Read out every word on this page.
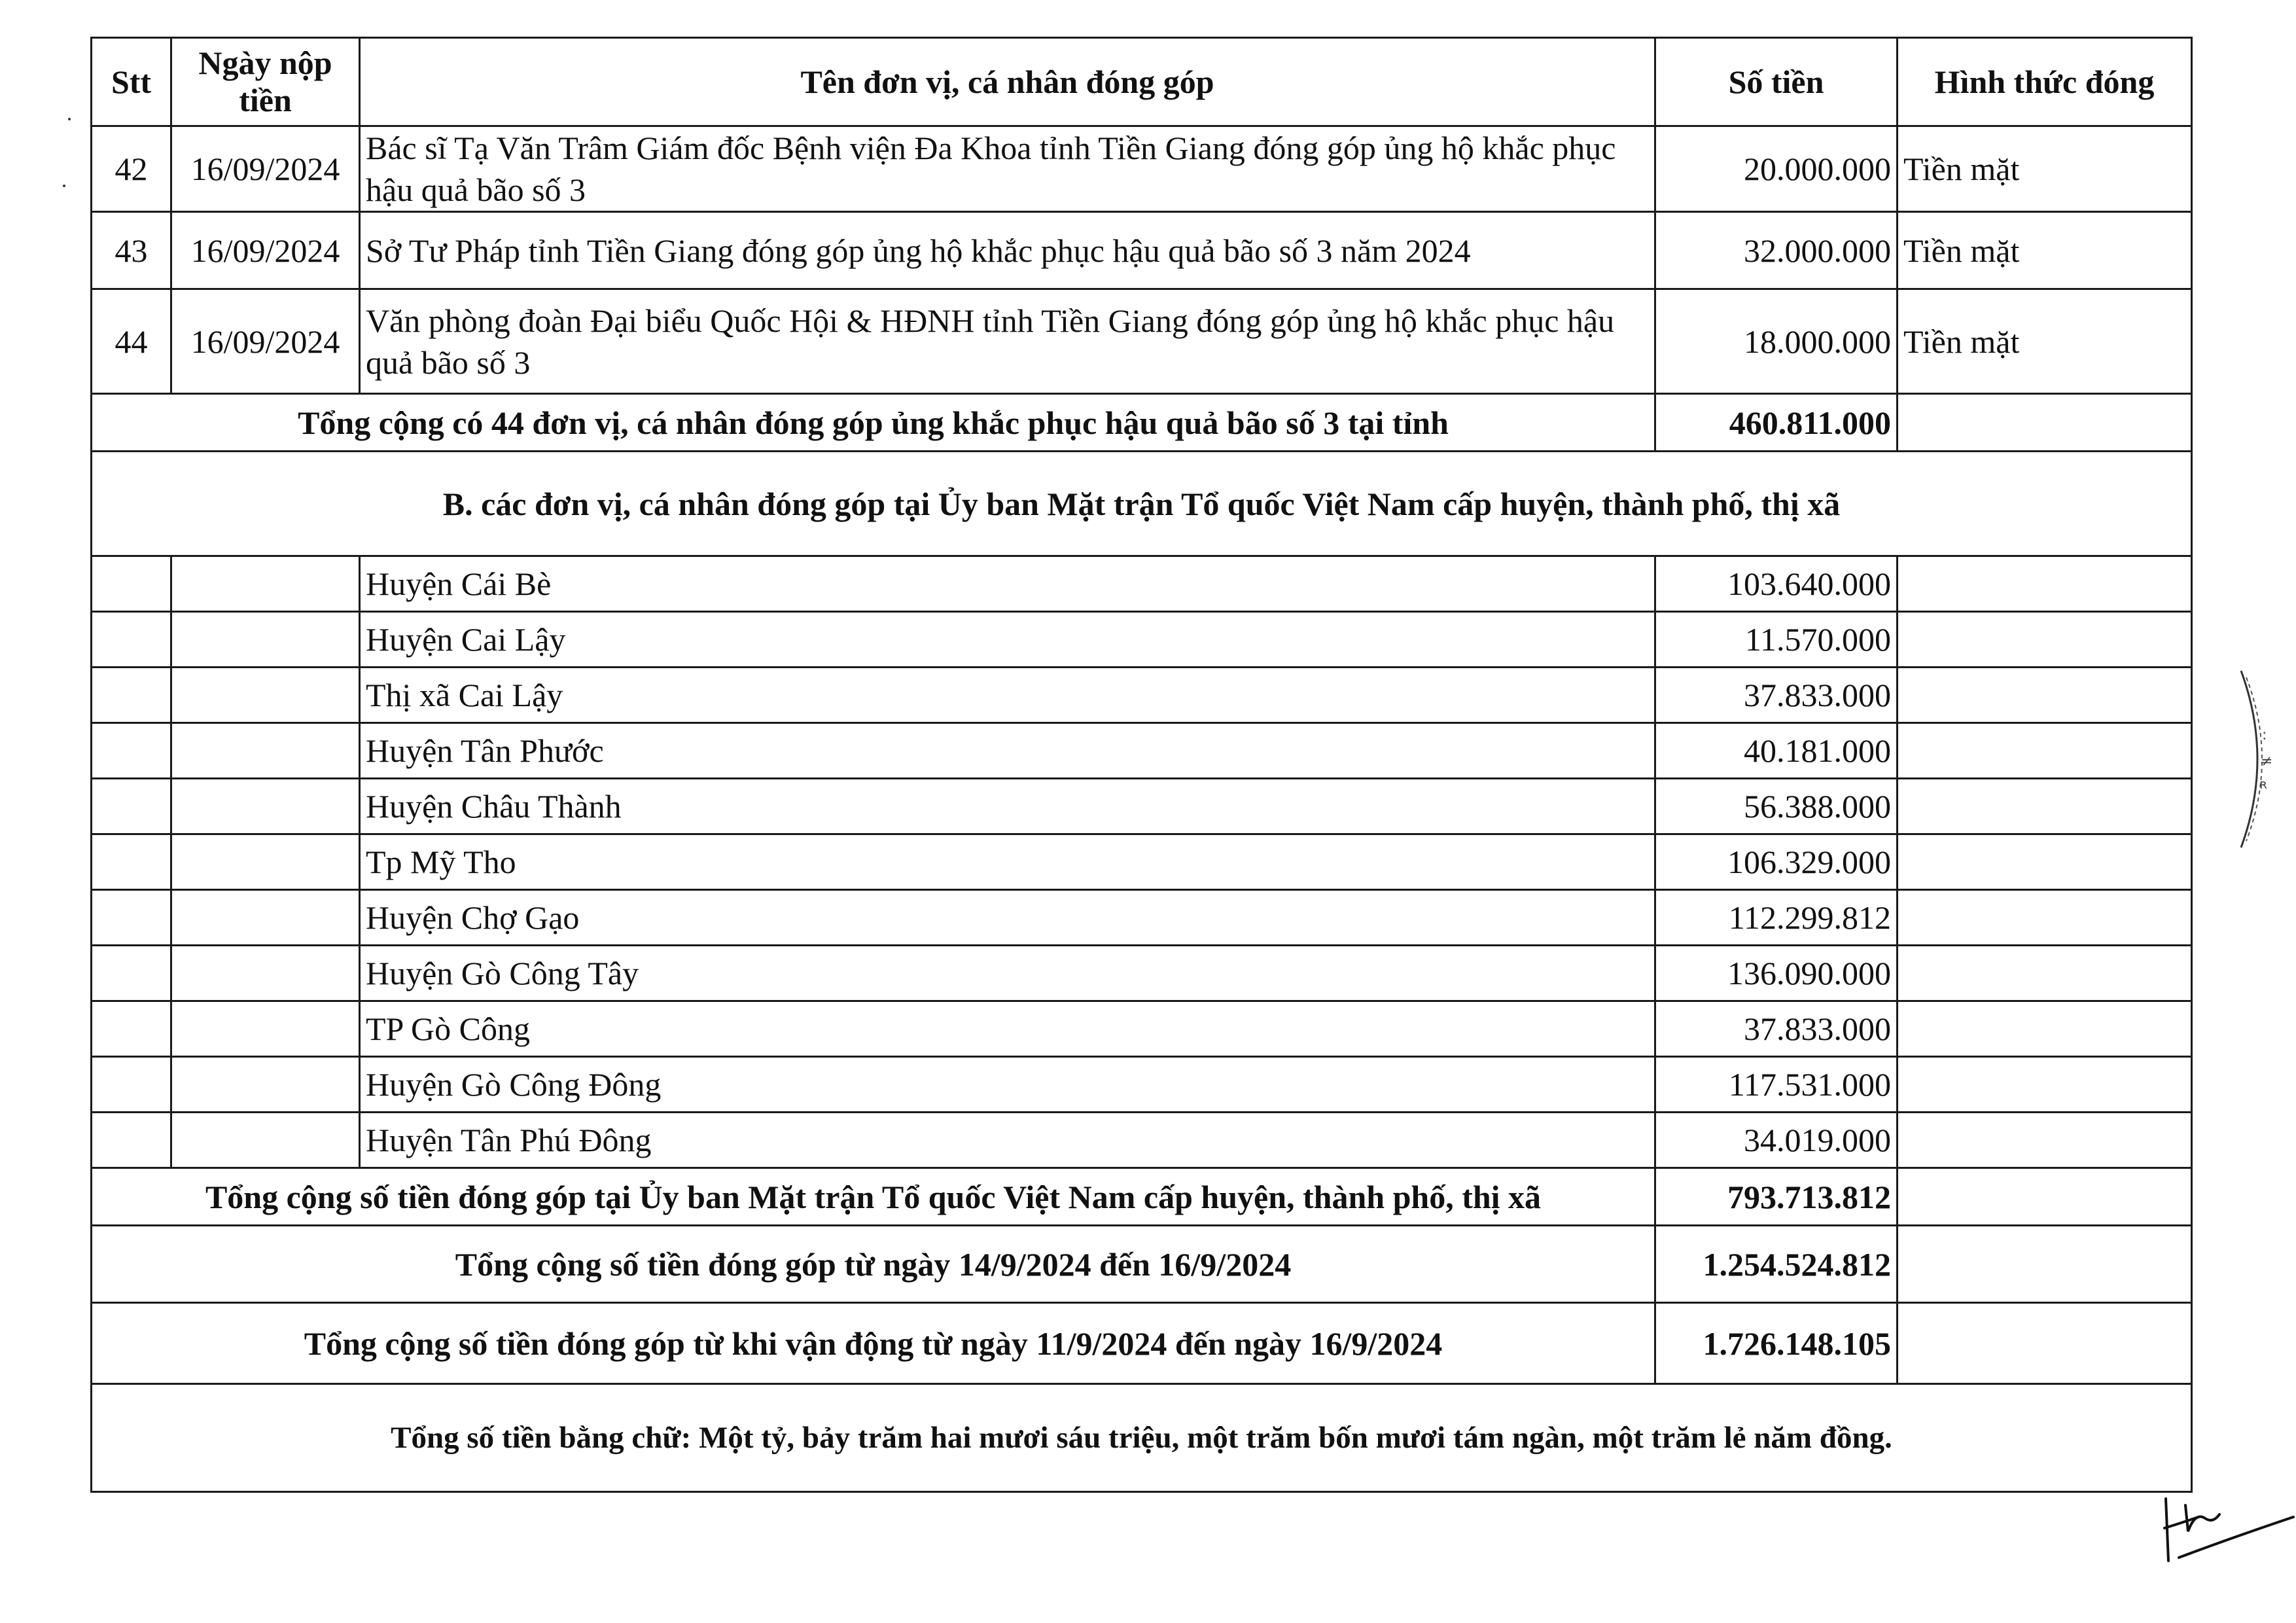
Stt	Ngày nộp tiền	Tên đơn vị, cá nhân đóng góp	Số tiền	Hình thức đóng
42	16/09/2024	Bác sĩ Tạ Văn Trâm Giám đốc Bệnh viện Đa Khoa tỉnh Tiền Giang đóng góp ủng hộ khắc phục hậu quả bão số 3	20.000.000	Tiền mặt
43	16/09/2024	Sở Tư Pháp tỉnh Tiền Giang đóng góp ủng hộ khắc phục hậu quả bão số 3 năm 2024	32.000.000	Tiền mặt
44	16/09/2024	Văn phòng đoàn Đại biểu Quốc Hội & HĐNH tỉnh Tiền Giang đóng góp ủng hộ khắc phục hậu quả bão số 3	18.000.000	Tiền mặt
Tổng cộng có 44 đơn vị, cá nhân đóng góp ủng khắc phục hậu quả bão số 3 tại tỉnh			460.811.000	
B. các đơn vị, cá nhân đóng góp tại Ủy ban Mặt trận Tổ quốc Việt Nam cấp huyện, thành phố, thị xã				
		Huyện Cái Bè	103.640.000	
		Huyện Cai Lậy	11.570.000	
		Thị xã Cai Lậy	37.833.000	
		Huyện Tân Phước	40.181.000	
		Huyện Châu Thành	56.388.000	
		Tp Mỹ Tho	106.329.000	
		Huyện Chợ Gạo	112.299.812	
		Huyện Gò Công Tây	136.090.000	
		TP Gò Công	37.833.000	
		Huyện Gò Công Đông	117.531.000	
		Huyện Tân Phú Đông	34.019.000	
Tổng cộng số tiền đóng góp tại Ủy ban Mặt trận Tổ quốc Việt Nam cấp huyện, thành phố, thị xã			793.713.812	
Tổng cộng số tiền đóng góp từ ngày 14/9/2024 đến 16/9/2024			1.254.524.812	
Tổng cộng số tiền đóng góp từ khi vận động từ ngày 11/9/2024 đến ngày 16/9/2024			1.726.148.105	
Tổng số tiền bằng chữ: Một tỷ, bảy trăm hai mươi sáu triệu, một trăm bốn mươi tám ngàn, một trăm lẻ năm đồng.				
:
≠
ʀ
